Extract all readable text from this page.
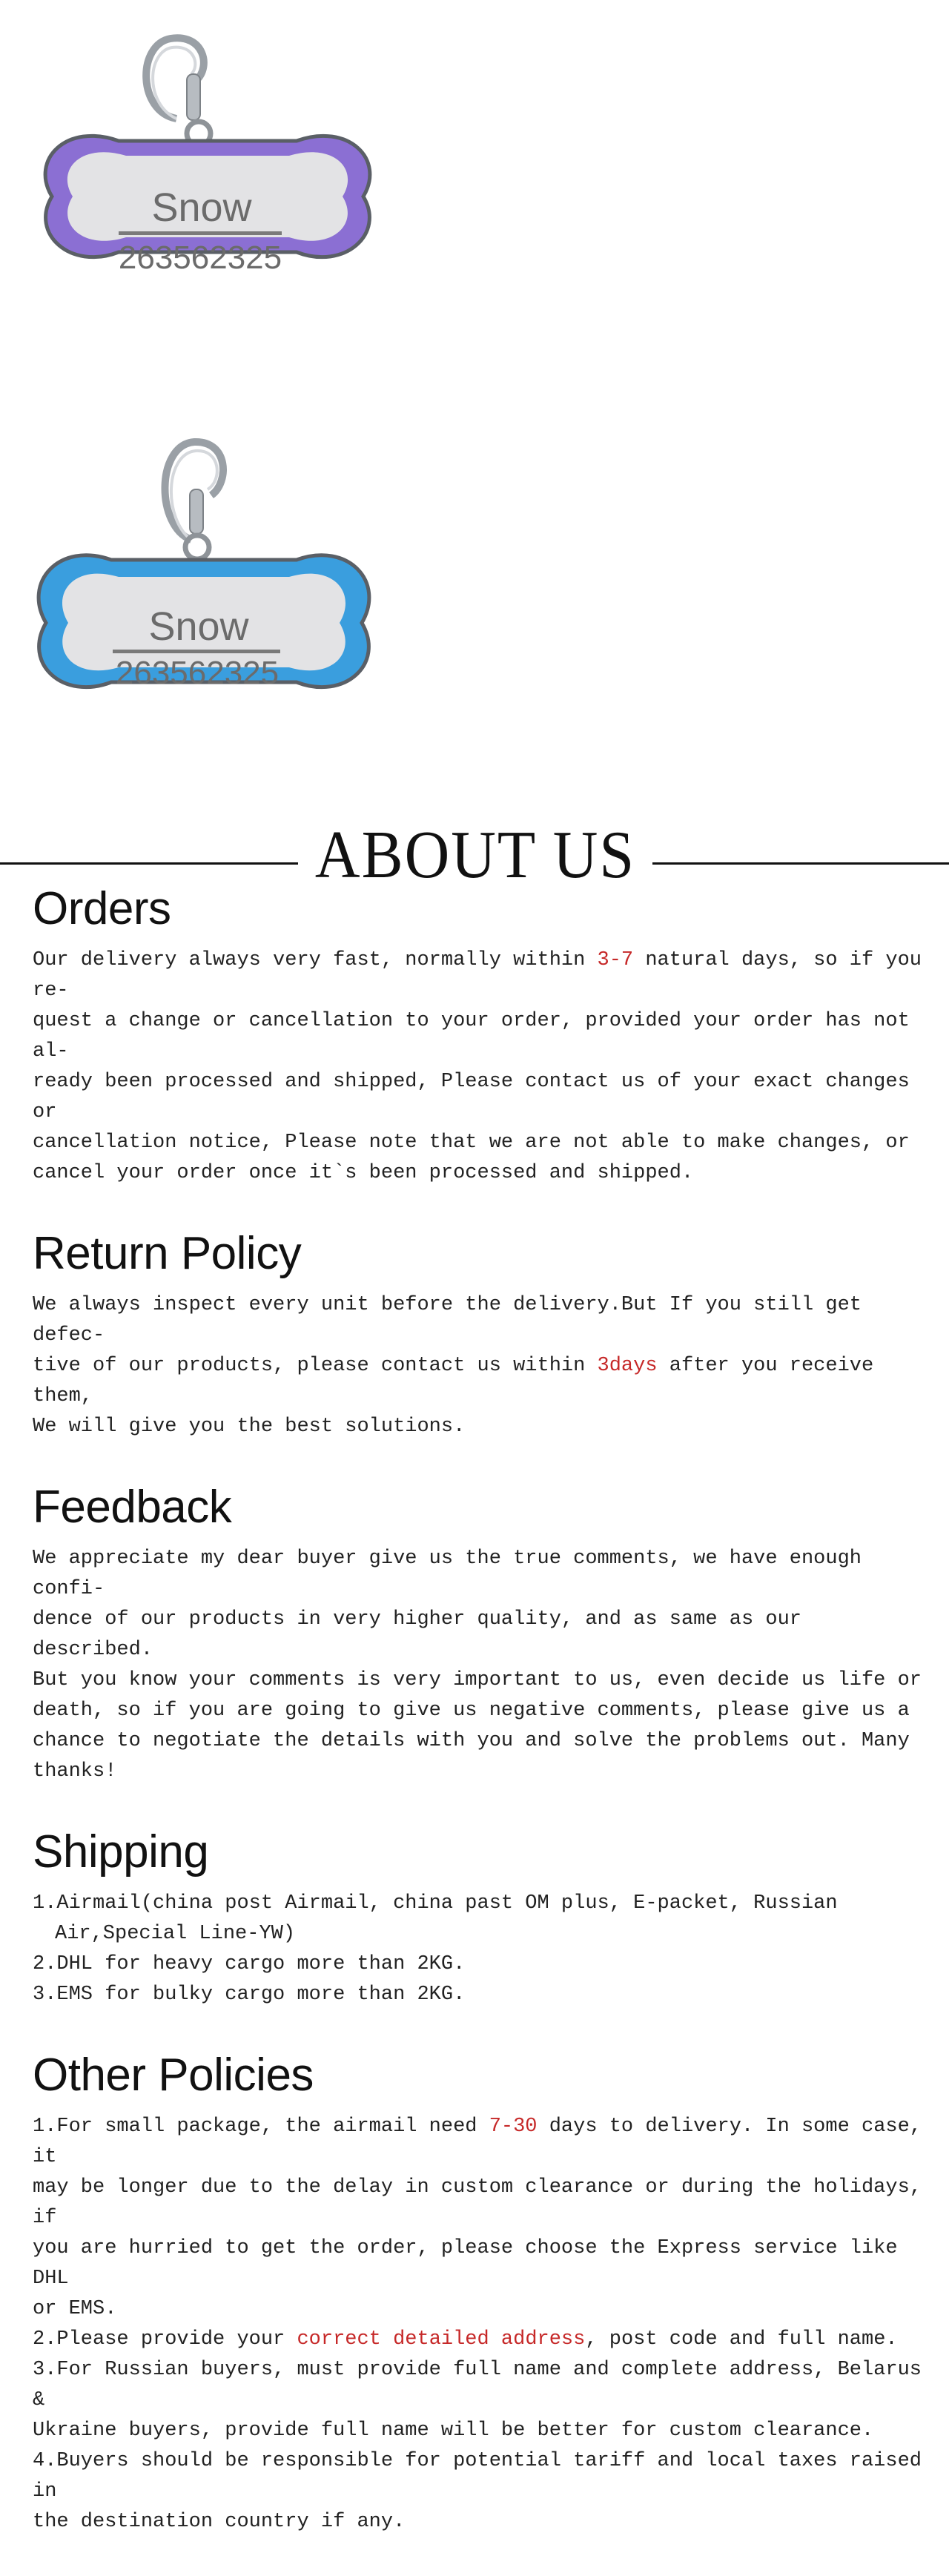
Snow
263562325
Snow
263562325
ABOUT US
Orders

Our delivery always very fast, normally within 3-7 natural days, so if you re-

quest a change or cancellation to your order, provided your order has not al-

ready been processed and shipped, Please contact us of your exact changes or

cancellation notice, Please note that we are not able to make changes, or

cancel your order once it`s been processed and shipped.

Return Policy

We always inspect every unit before the delivery.But If you still get defec-

tive of our products, please contact us within 3days after you receive them,

We will give you the best solutions.

Feedback

We appreciate my dear buyer give us the true comments, we have enough confi-

dence of our products in very higher quality, and as same as our described.

But you know your comments is very important to us, even decide us life or

death, so if you are going to give us negative comments, please give us a

chance to negotiate the details with you and solve the problems out. Many

thanks!

Shipping
1.Airmail(china post Airmail, china past OM plus, E-packet, Russian
Air,Special Line-YW)
2.DHL for heavy cargo more than 2KG.
3.EMS for bulky cargo more than 2KG.
Other Policies

1.For small package, the airmail need 7-30 days to delivery. In some case, it

may be longer due to the delay in custom clearance or during the holidays, if

you are hurried to get the order, please choose the Express service like DHL

or EMS.

2.Please provide your correct detailed address, post code and full name.

3.For Russian buyers, must provide full name and complete address, Belarus &

Ukraine buyers, provide full name will be better for custom clearance.

4.Buyers should be responsible for potential tariff and local taxes raised in

the destination country if any.
